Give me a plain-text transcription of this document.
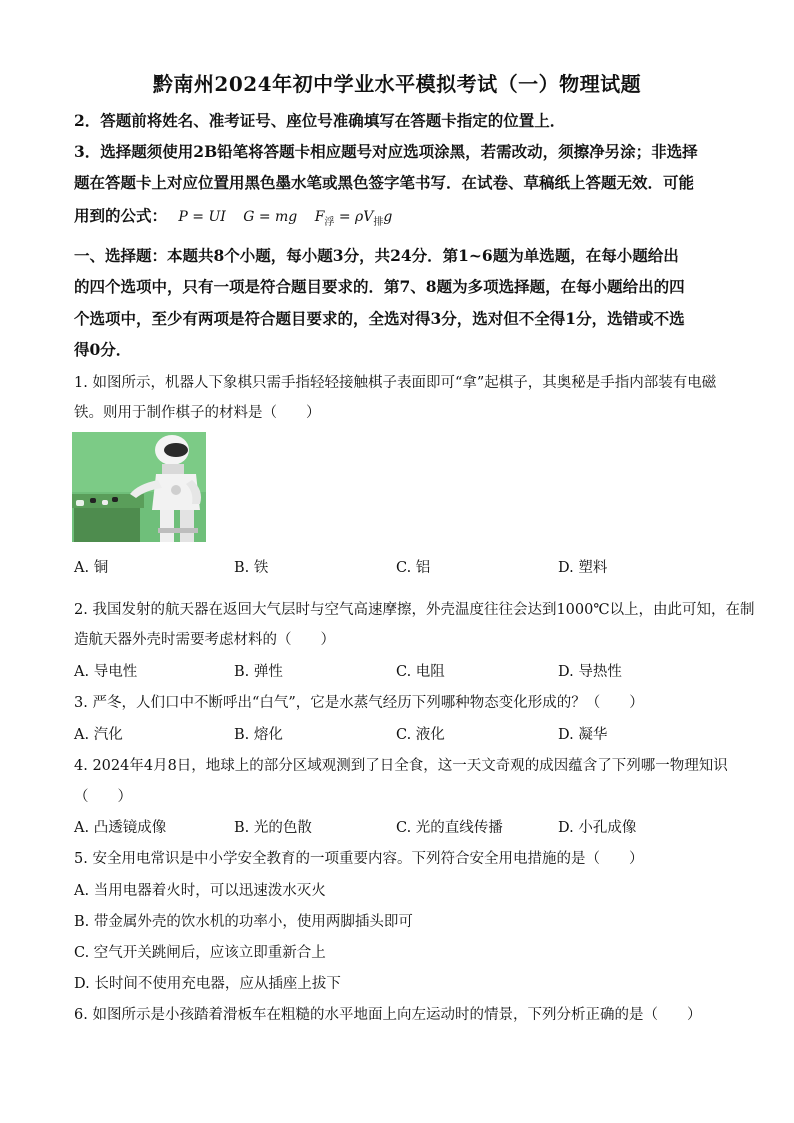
黔南州2024年初中学业水平模拟考试（一）物理试题
2．答题前将姓名、准考证号、座位号准确填写在答题卡指定的位置上．
3．选择题须使用2B铅笔将答题卡相应题号对应选项涂黑，若需改动，须擦净另涂；非选择
题在答题卡上对应位置用黑色墨水笔或黑色签字笔书写．在试卷、草稿纸上答题无效．可能
用到的公式： P = UI G = mg $F_浮 = \rho V_排g$
一、选择题：本题共8个小题，每小题3分，共24分．第1~6题为单选题，在每小题给出
的四个选项中，只有一项是符合题目要求的．第7、8题为多项选择题，在每小题给出的四
个选项中，至少有两项是符合题目要求的，全选对得3分，选对但不全得1分，选错或不选
得0分．
1. 如图所示，机器人下象棋只需手指轻轻接触棋子表面即可“拿”起棋子，其奥秘是手指内部装有电磁
铁。则用于制作棋子的材料是（　　）
A. 铜	B. 铁	C. 铝	D. 塑料
2. 我国发射的航天器在返回大气层时与空气高速摩擦，外壳温度往往会达到1000℃以上，由此可知，在制
造航天器外壳时需要考虑材料的（　　）
A. 导电性	B. 弹性	C. 电阻	D. 导热性
3. 严冬，人们口中不断呼出“白气”，它是水蒸气经历下列哪种物态变化形成的？（　　）
A. 汽化	B. 熔化	C. 液化	D. 凝华
4. 2024年4月8日，地球上的部分区域观测到了日全食，这一天文奇观的成因蕴含了下列哪一物理知识
（　　）
A. 凸透镜成像	B. 光的色散	C. 光的直线传播	D. 小孔成像
5. 安全用电常识是中小学安全教育的一项重要内容。下列符合安全用电措施的是（　　）
A. 当用电器着火时，可以迅速泼水灭火
B. 带金属外壳的饮水机的功率小，使用两脚插头即可
C. 空气开关跳闸后，应该立即重新合上
D. 长时间不使用充电器，应从插座上拔下
6. 如图所示是小孩踏着滑板车在粗糙的水平地面上向左运动时的情景，下列分析正确的是（　　）
